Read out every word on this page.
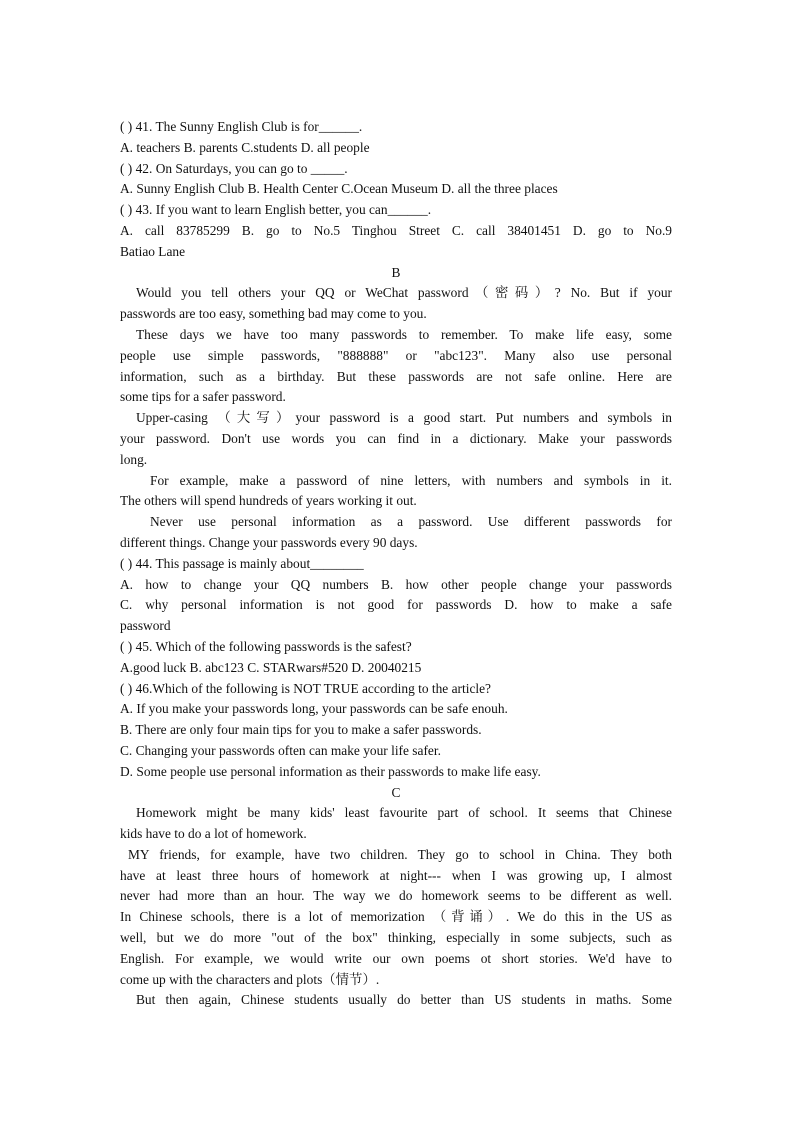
( ) 41. The Sunny English Club is for______.
A. teachers B. parents C.students D. all people
( ) 42. On Saturdays, you can go to _____.
A. Sunny English Club B. Health Center C.Ocean Museum D. all the three places
( ) 43. If you want to learn English better, you can______.
A. call 83785299 B. go to No.5 Tinghou Street C. call 38401451 D. go to No.9
Batiao Lane
B
Would you tell others your QQ or WeChat password（密码）? No. But if your
passwords are too easy, something bad may come to you.
These days we have too many passwords to remember. To make life easy, some
people use simple passwords, "888888" or "abc123". Many also use personal
information, such as a birthday. But these passwords are not safe online. Here are
some tips for a safer password.
Upper-casing （大写）your password is a good start. Put numbers and symbols in
your password. Don't use words you can find in a dictionary. Make your passwords
long.
For example, make a password of nine letters, with numbers and symbols in it.
The others will spend hundreds of years working it out.
Never use personal information as a password. Use different passwords for
different things. Change your passwords every 90 days.
( ) 44. This passage is mainly about________
A. how to change your QQ numbers B. how other people change your passwords
C. why personal information is not good for passwords D. how to make a safe
password
( ) 45. Which of the following passwords is the safest?
A.good luck B. abc123 C. STARwars#520 D. 20040215
( ) 46.Which of the following is NOT TRUE according to the article?
A. If you make your passwords long, your passwords can be safe enouh.
B. There are only four main tips for you to make a safer passwords.
C. Changing your passwords often can make your life safer.
D. Some people use personal information as their passwords to make life easy.
C
Homework might be many kids' least favourite part of school. It seems that Chinese
kids have to do a lot of homework.
MY friends, for example, have two children. They go to school in China. They both
have at least three hours of homework at night--- when I was growing up, I almost
never had more than an hour. The way we do homework seems to be different as well.
In Chinese schools, there is a lot of memorization （背诵）. We do this in the US as
well, but we do more "out of the box" thinking, especially in some subjects, such as
English. For example, we would write our own poems ot short stories. We'd have to
come up with the characters and plots（情节）.
But then again, Chinese students usually do better than US students in maths. Some
